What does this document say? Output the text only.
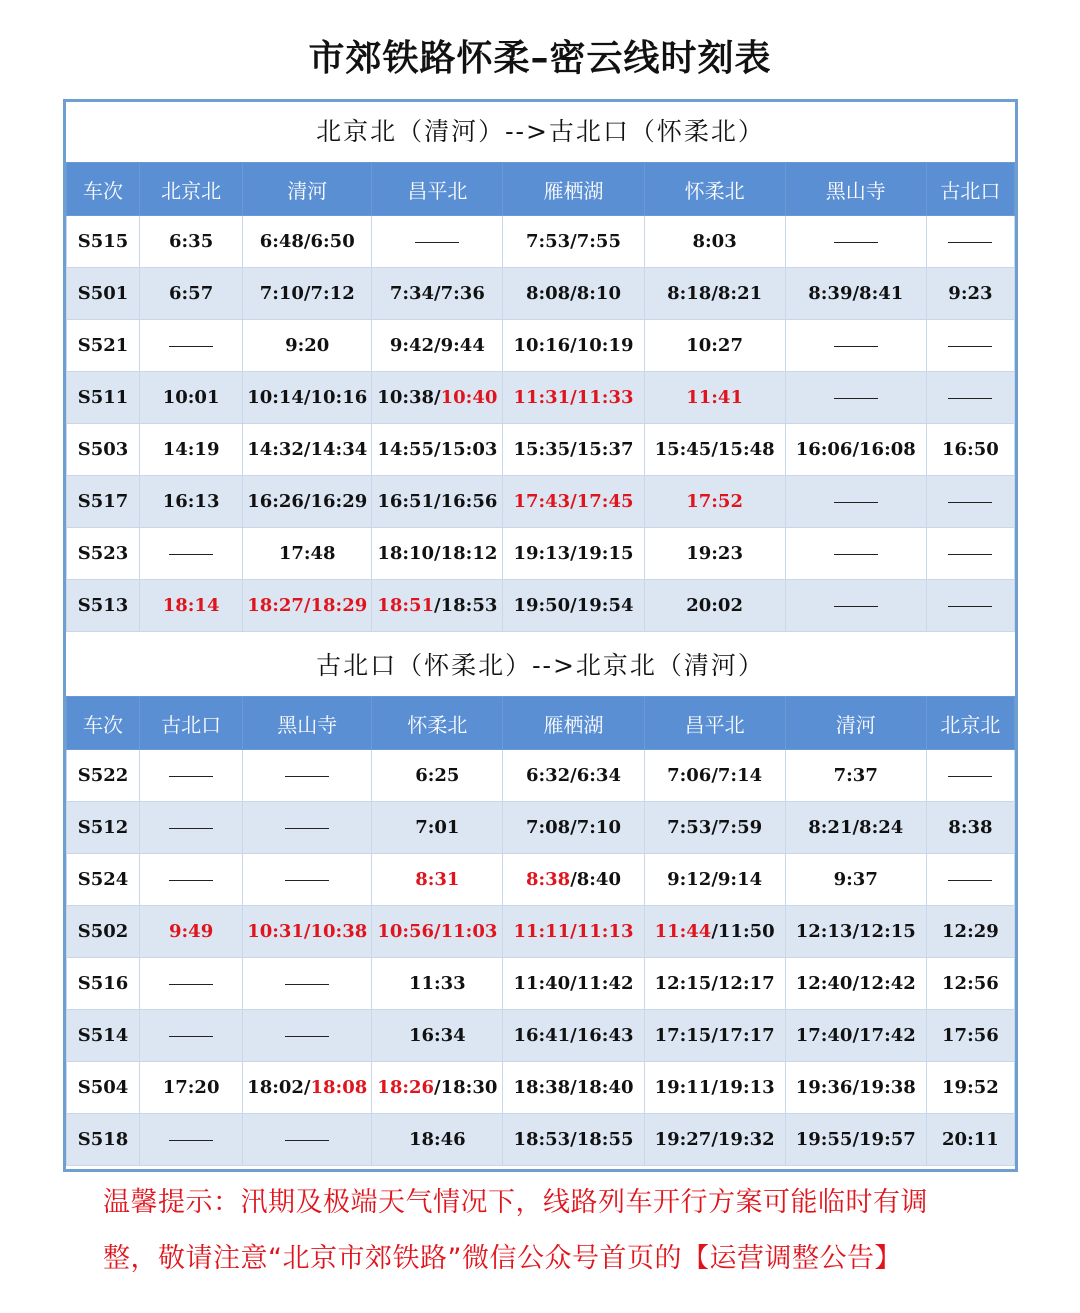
市郊铁路怀柔–密云线时刻表
北京北（清河）-->古北口（怀柔北）
车次	北京北	清河	昌平北	雁栖湖	怀柔北	黑山寺	古北口
S515	6:35	6:48/6:50		7:53/7:55	8:03		
S501	6:57	7:10/7:12	7:34/7:36	8:08/8:10	8:18/8:21	8:39/8:41	9:23
S521		9:20	9:42/9:44	10:16/10:19	10:27		
S511	10:01	10:14/10:16	10:38/10:40	11:31/11:33	11:41		
S503	14:19	14:32/14:34	14:55/15:03	15:35/15:37	15:45/15:48	16:06/16:08	16:50
S517	16:13	16:26/16:29	16:51/16:56	17:43/17:45	17:52		
S523		17:48	18:10/18:12	19:13/19:15	19:23		
S513	18:14	18:27/18:29	18:51/18:53	19:50/19:54	20:02		
古北口（怀柔北）-->北京北（清河）
车次	古北口	黑山寺	怀柔北	雁栖湖	昌平北	清河	北京北
S522			6:25	6:32/6:34	7:06/7:14	7:37	
S512			7:01	7:08/7:10	7:53/7:59	8:21/8:24	8:38
S524			8:31	8:38/8:40	9:12/9:14	9:37	
S502	9:49	10:31/10:38	10:56/11:03	11:11/11:13	11:44/11:50	12:13/12:15	12:29
S516			11:33	11:40/11:42	12:15/12:17	12:40/12:42	12:56
S514			16:34	16:41/16:43	17:15/17:17	17:40/17:42	17:56
S504	17:20	18:02/18:08	18:26/18:30	18:38/18:40	19:11/19:13	19:36/19:38	19:52
S518			18:46	18:53/18:55	19:27/19:32	19:55/19:57	20:11
温馨提示：汛期及极端天气情况下，线路列车开行方案可能临时有调
整，敬请注意“北京市郊铁路”微信公众号首页的【运营调整公告】
